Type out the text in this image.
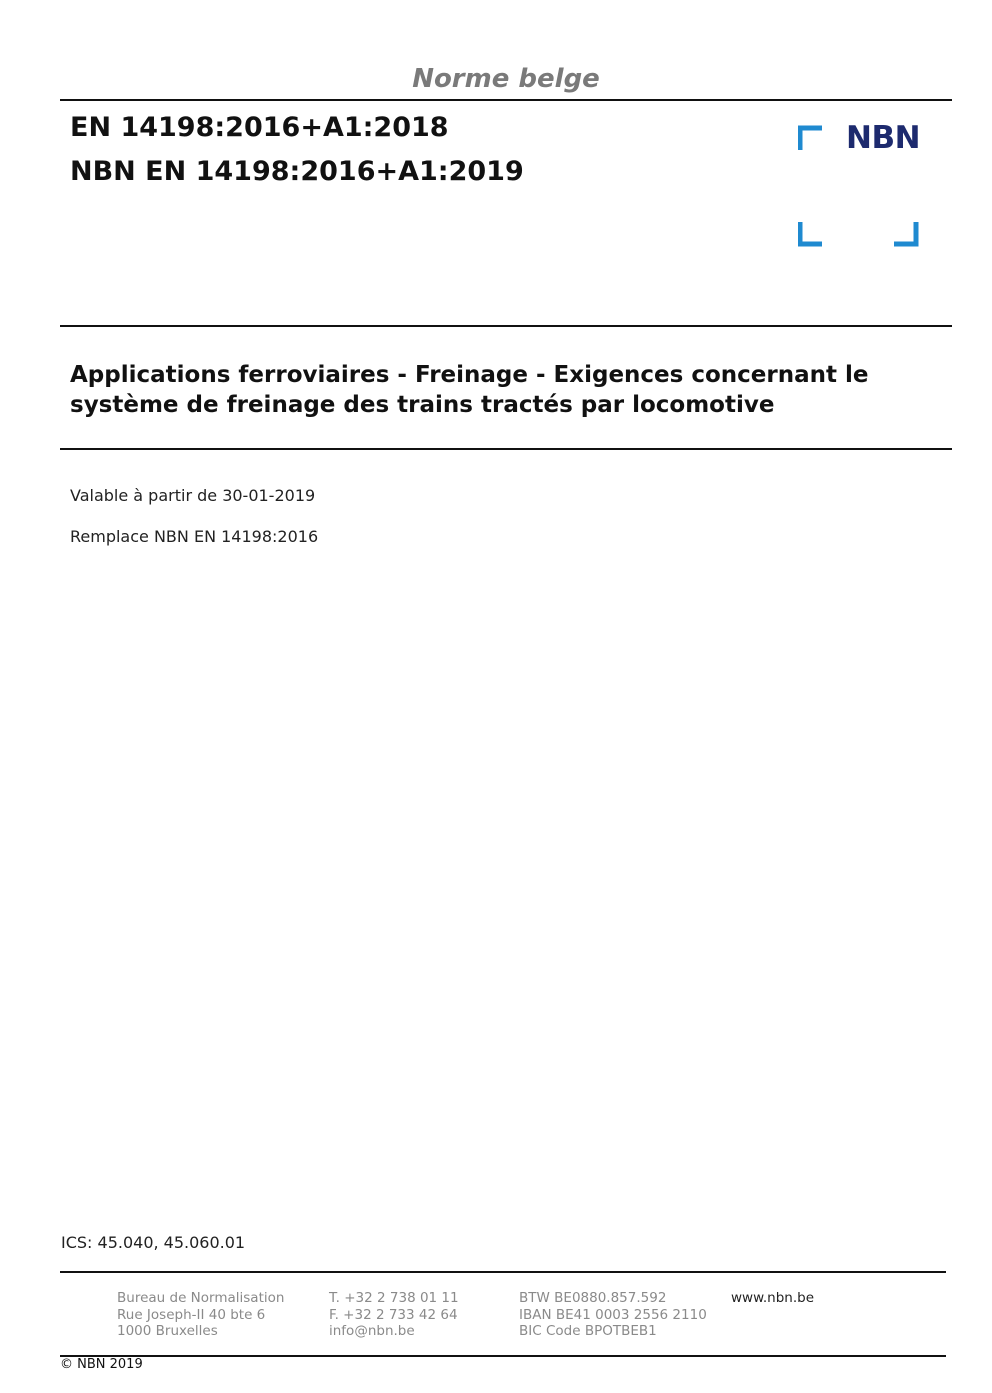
Norme belge
EN 14198:2016+A1:2018
NBN EN 14198:2016+A1:2019
NBN
Applications ferroviaires - Freinage - Exigences concernant le système de freinage des trains tractés par locomotive
Valable à partir de 30-01-2019
Remplace NBN EN 14198:2016
ICS: 45.040, 45.060.01
Bureau de Normalisation
Rue Joseph-II 40 bte 6
1000 Bruxelles
T. +32 2 738 01 11
F. +32 2 733 42 64
info@nbn.be
BTW BE0880.857.592
IBAN BE41 0003 2556 2110
BIC Code BPOTBEB1
www.nbn.be
© NBN 2019
